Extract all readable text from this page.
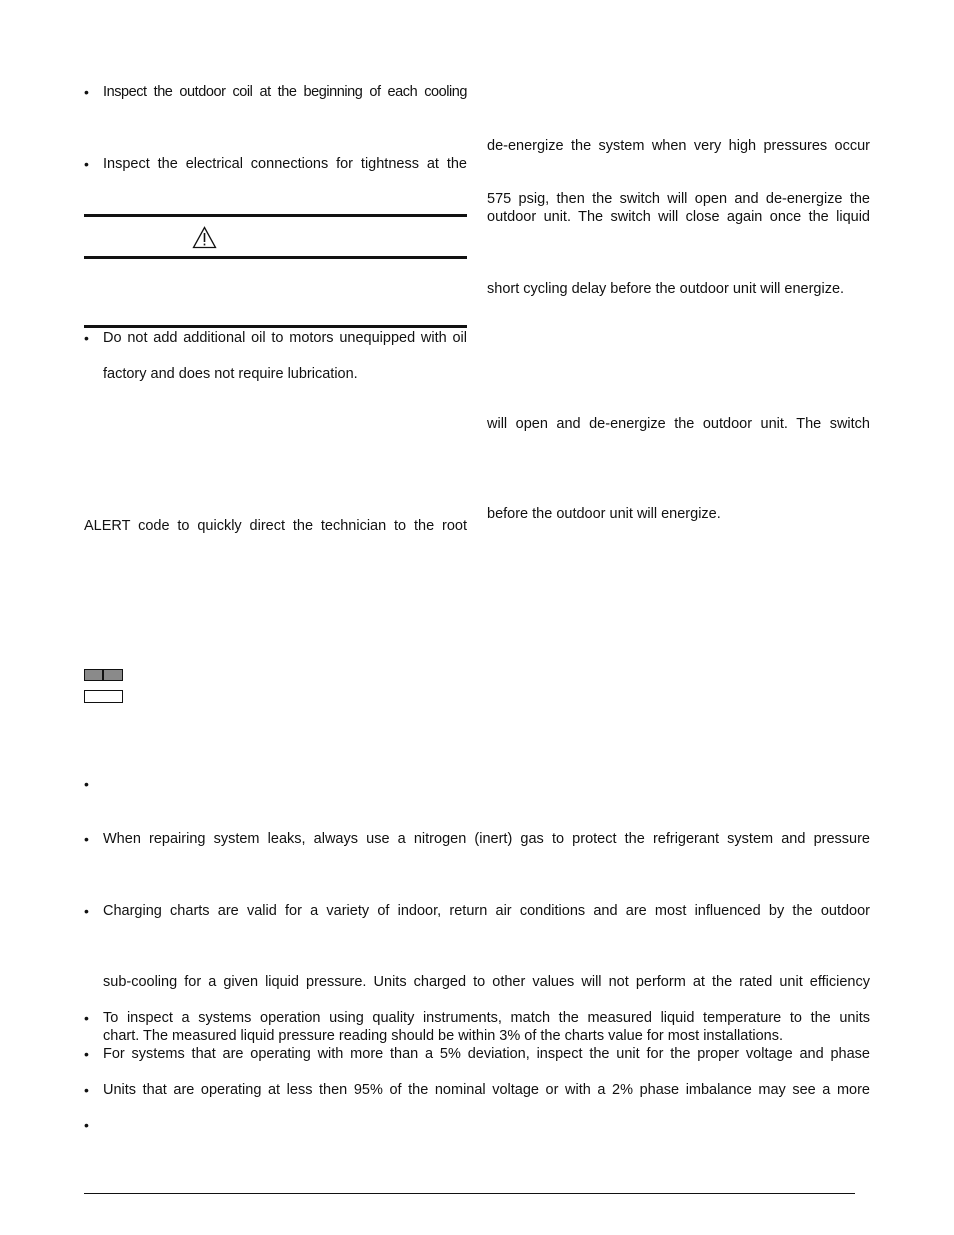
• Inspect the outdoor coil at the beginning of each cooling
• Inspect the electrical connections for tightness at the
• Do not add additional oil to motors unequipped with oil
factory and does not require lubrication.
ALERT code to quickly direct the technician to the root
de-energize the system when very high pressures occur
575 psig, then the switch will open and de-energize the
outdoor unit. The switch will close again once the liquid
short cycling delay before the outdoor unit will energize.
will open and de-energize the outdoor unit. The switch
before the outdoor unit will energize.
•
• When repairing system leaks, always use a nitrogen (inert) gas to protect the refrigerant system and pressure
• Charging charts are valid for a variety of indoor, return air conditions and are most influenced by the outdoor
sub-cooling for a given liquid pressure. Units charged to other values will not perform at the rated unit efficiency
• To inspect a systems operation using quality instruments, match the measured liquid temperature to the units
chart. The measured liquid pressure reading should be within 3% of the charts value for most installations.
• For systems that are operating with more than a 5% deviation, inspect the unit for the proper voltage and phase
• Units that are operating at less then 95% of the nominal voltage or with a 2% phase imbalance may see a more
•
